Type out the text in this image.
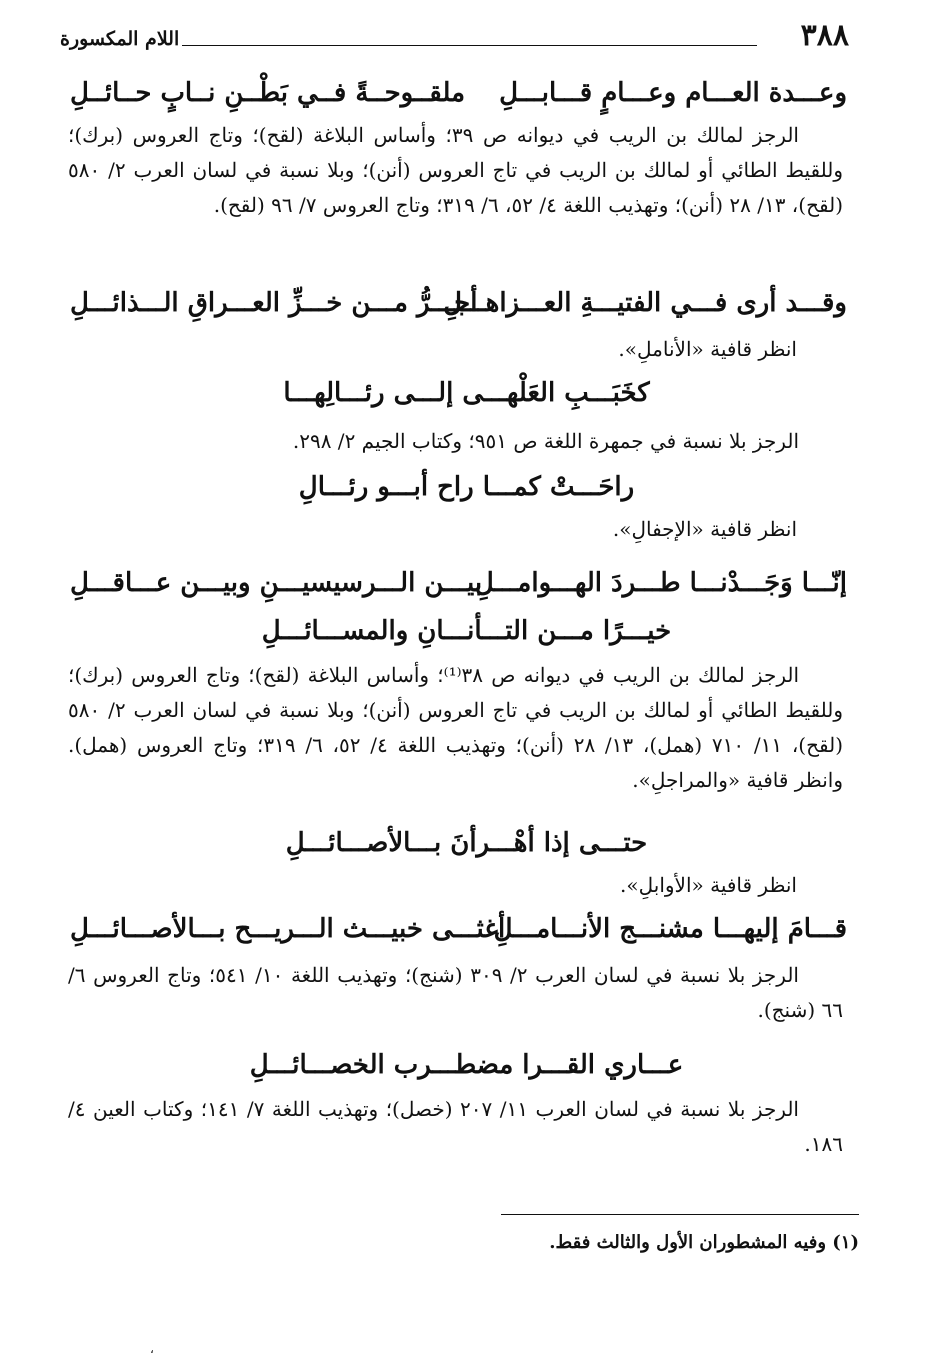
٣٨٨
اللام المكسورة
وعـــدة العـــام وعـــامٍ قـــابـــلِ
ملقــوحــةً فــي بَطْــنِ نــابٍ حــائــلِ

الرجز لمالك بن الريب في ديوانه ص ٣٩؛ وأساس البلاغة (لقح)؛ وتاج العروس (برك)؛ وللقيط الطائي أو لمالك بن الريب في تاج العروس (أنن)؛ وبلا نسبة في لسان العرب ٢/ ٥٨٠ (لقح)، ١٣/ ٢٨ (أنن)؛ وتهذيب اللغة ٤/ ٥٢، ٦/ ٣١٩؛ وتاج العروس ٧/ ٩٦ (لقح).

وقـــد أرى فـــي الفتيـــةِ العـــزاهـــلِ
أجـــرُّ مـــن خـــزِّ العـــراقِ الـــذائـــلِ

انظر قافية «الأناملِ».

كخَبَـــبِ العَلْهـــى إلـــى رئـــالِهـــا

الرجز بلا نسبة في جمهرة اللغة ص ٩٥١؛ وكتاب الجيم ٢/ ٢٩٨.

راحَـــتْ كمـــا راح أبـــو رئـــالِ

انظر قافية «الإجفالِ».

إنّـــا وَجَـــدْنـــا طـــردَ الهـــوامـــلِ
بيـــن الـــرسيسيـــنِ وبيـــن عـــاقـــلِ
خيـــرًا مـــن التـــأنـــانِ والمســـائـــلِ

الرجز لمالك بن الريب في ديوانه ص ٣٨⁽¹⁾؛ وأساس البلاغة (لقح)؛ وتاج العروس (برك)؛ وللقيط الطائي أو لمالك بن الريب في تاج العروس (أنن)؛ وبلا نسبة في لسان العرب ٢/ ٥٨٠ (لقح)، ١١/ ٧١٠ (همل)، ١٣/ ٢٨ (أنن)؛ وتهذيب اللغة ٤/ ٥٢، ٦/ ٣١٩؛ وتاج العروس (همل). وانظر قافية «والمراجلِ».

حتـــى إذا أهْـــرأنَ بـــالأصـــائـــلِ

انظر قافية «الأوابلِ».

قـــامَ إليهـــا مشنـــج الأنـــامـــلِ
أغثـــى خبيـــث الـــريـــح بـــالأصـــائـــلِ

الرجز بلا نسبة في لسان العرب ٢/ ٣٠٩ (شنج)؛ وتهذيب اللغة ١٠/ ٥٤١؛ وتاج العروس ٦/ ٦٦ (شنج).

عـــاري القـــرا مضطـــرب الخصـــائـــلِ

الرجز بلا نسبة في لسان العرب ١١/ ٢٠٧ (خصل)؛ وتهذيب اللغة ٧/ ١٤١؛ وكتاب العين ٤/ ١٨٦.

(١) وفيه المشطوران الأول والثالث فقط.
،
